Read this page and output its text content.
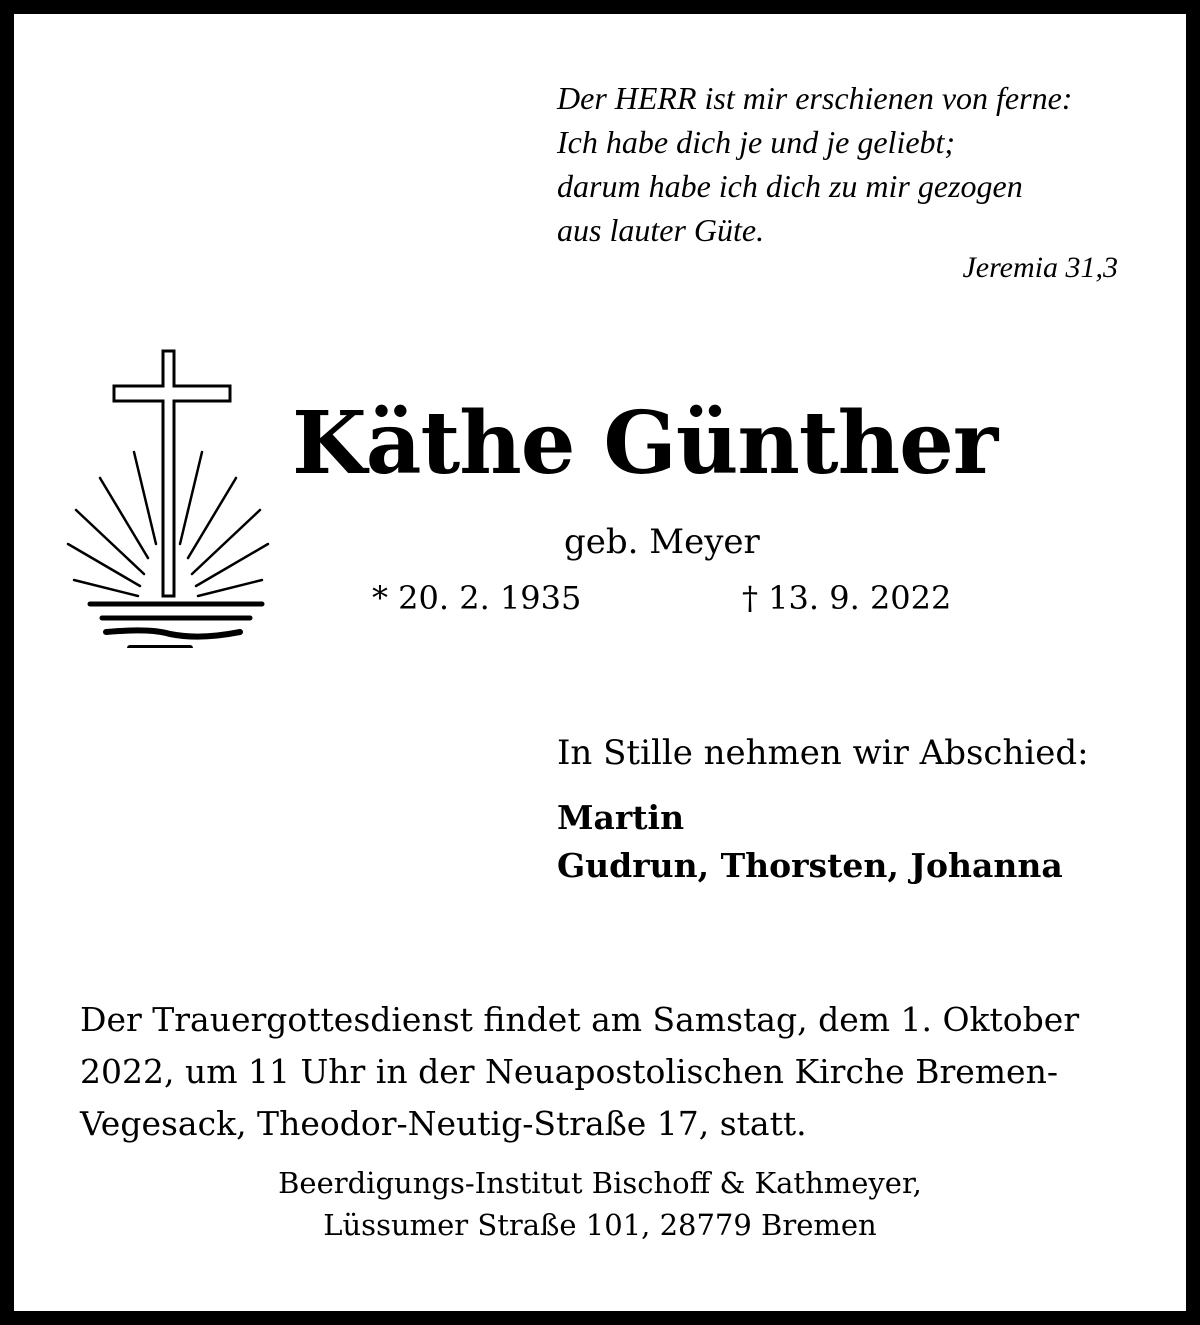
Der HERR ist mir erschienen von ferne:
Ich habe dich je und je geliebt;
darum habe ich dich zu mir gezogen
aus lauter Güte.
Jeremia 31,3
Käthe Günther
geb. Meyer
* 20. 2. 1935	† 13. 9. 2022
In Stille nehmen wir Abschied:
Martin
Gudrun, Thorsten, Johanna
Der Trauergottesdienst findet am Samstag, dem 1. Oktober
2022, um 11 Uhr in der Neuapostolischen Kirche Bremen-
Vegesack, Theodor-Neutig-Straße 17, statt.
Beerdigungs-Institut Bischoff & Kathmeyer,
Lüssumer Straße 101, 28779 Bremen
